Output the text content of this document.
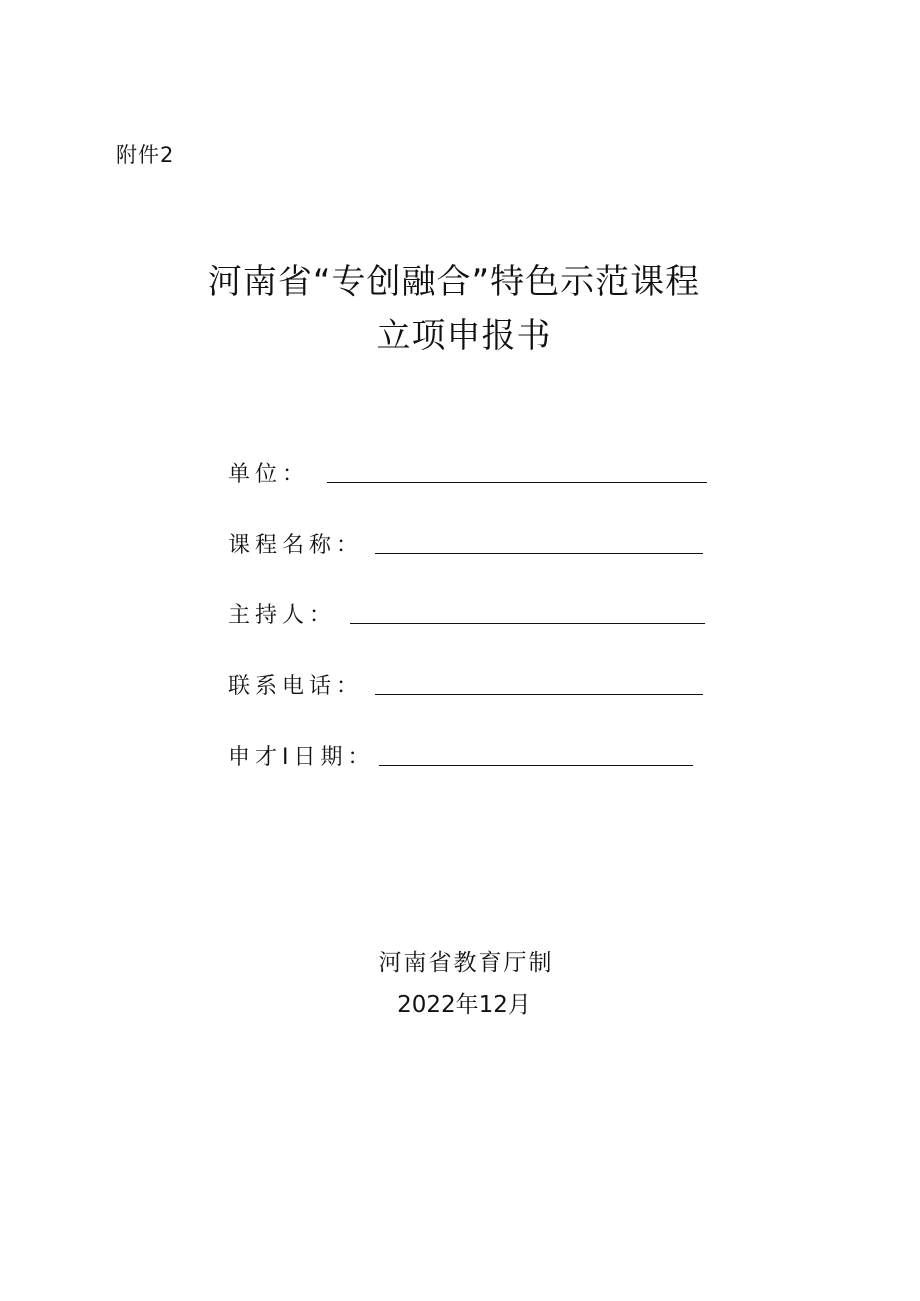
附件2
河南省“专创融合”特色示范课程
立项申报书
单位：
课程名称：
主持人：
联系电话：
申才I日期：
河南省教育厅制
2022年12月
